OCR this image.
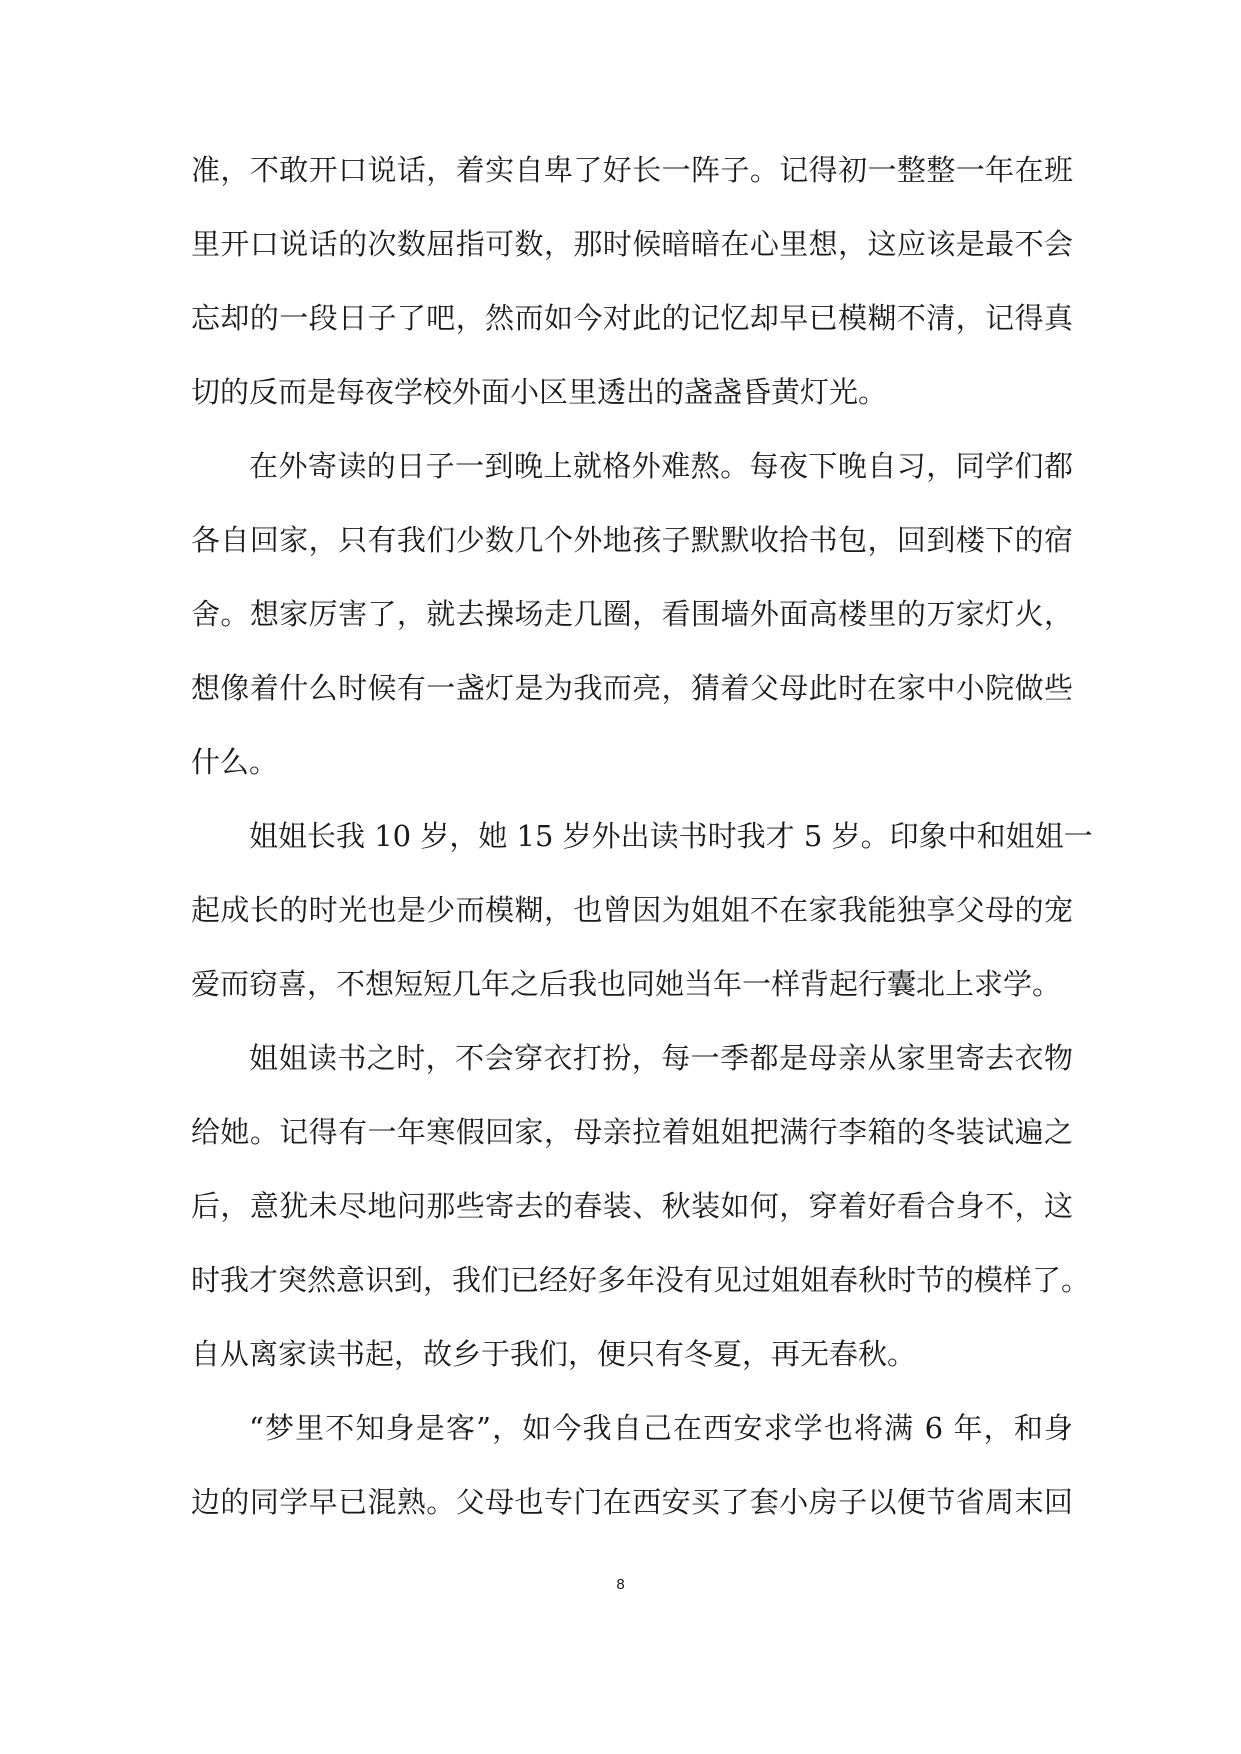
准，不敢开口说话，着实自卑了好长一阵子。记得初一整整一年在班
里开口说话的次数屈指可数，那时候暗暗在心里想，这应该是最不会
忘却的一段日子了吧，然而如今对此的记忆却早已模糊不清，记得真
切的反而是每夜学校外面小区里透出的盏盏昏黄灯光。
在外寄读的日子一到晚上就格外难熬。每夜下晚自习，同学们都
各自回家，只有我们少数几个外地孩子默默收拾书包，回到楼下的宿
舍。想家厉害了，就去操场走几圈，看围墙外面高楼里的万家灯火，
想像着什么时候有一盏灯是为我而亮，猜着父母此时在家中小院做些
什么。
姐姐长我 10 岁，她 15 岁外出读书时我才 5 岁。印象中和姐姐一
起成长的时光也是少而模糊，也曾因为姐姐不在家我能独享父母的宠
爱而窃喜，不想短短几年之后我也同她当年一样背起行囊北上求学。
姐姐读书之时，不会穿衣打扮，每一季都是母亲从家里寄去衣物
给她。记得有一年寒假回家，母亲拉着姐姐把满行李箱的冬装试遍之
后，意犹未尽地问那些寄去的春装、秋装如何，穿着好看合身不，这
时我才突然意识到，我们已经好多年没有见过姐姐春秋时节的模样了。
自从离家读书起，故乡于我们，便只有冬夏，再无春秋。
“梦里不知身是客”，如今我自己在西安求学也将满 6 年，和身
边的同学早已混熟。父母也专门在西安买了套小房子以便节省周末回
8
